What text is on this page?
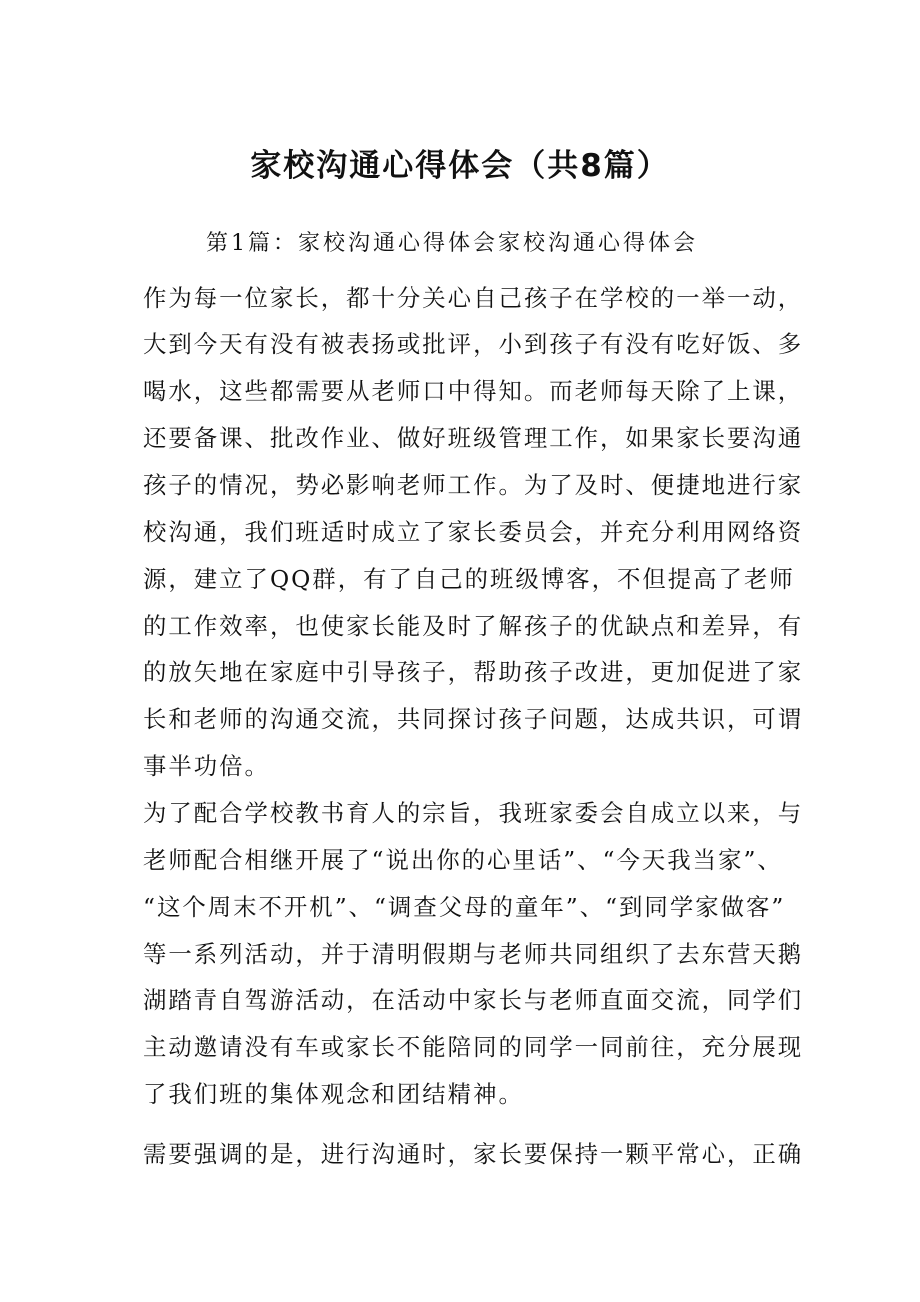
家校沟通心得体会（共8篇）
第1篇：家校沟通心得体会家校沟通心得体会
作为每一位家长，都十分关心自己孩子在学校的一举一动，
大到今天有没有被表扬或批评，小到孩子有没有吃好饭、多
喝水，这些都需要从老师口中得知。而老师每天除了上课，
还要备课、批改作业、做好班级管理工作，如果家长要沟通
孩子的情况，势必影响老师工作。为了及时、便捷地进行家
校沟通，我们班适时成立了家长委员会，并充分利用网络资
源，建立了QQ群，有了自己的班级博客，不但提高了老师
的工作效率，也使家长能及时了解孩子的优缺点和差异，有
的放矢地在家庭中引导孩子，帮助孩子改进，更加促进了家
长和老师的沟通交流，共同探讨孩子问题，达成共识，可谓
事半功倍。
为了配合学校教书育人的宗旨，我班家委会自成立以来，与
老师配合相继开展了“说出你的心里话”、“今天我当家”、
“这个周末不开机”、“调查父母的童年”、“到同学家做客”
等一系列活动，并于清明假期与老师共同组织了去东营天鹅
湖踏青自驾游活动，在活动中家长与老师直面交流，同学们
主动邀请没有车或家长不能陪同的同学一同前往，充分展现
了我们班的集体观念和团结精神。
需要强调的是，进行沟通时，家长要保持一颗平常心，正确
